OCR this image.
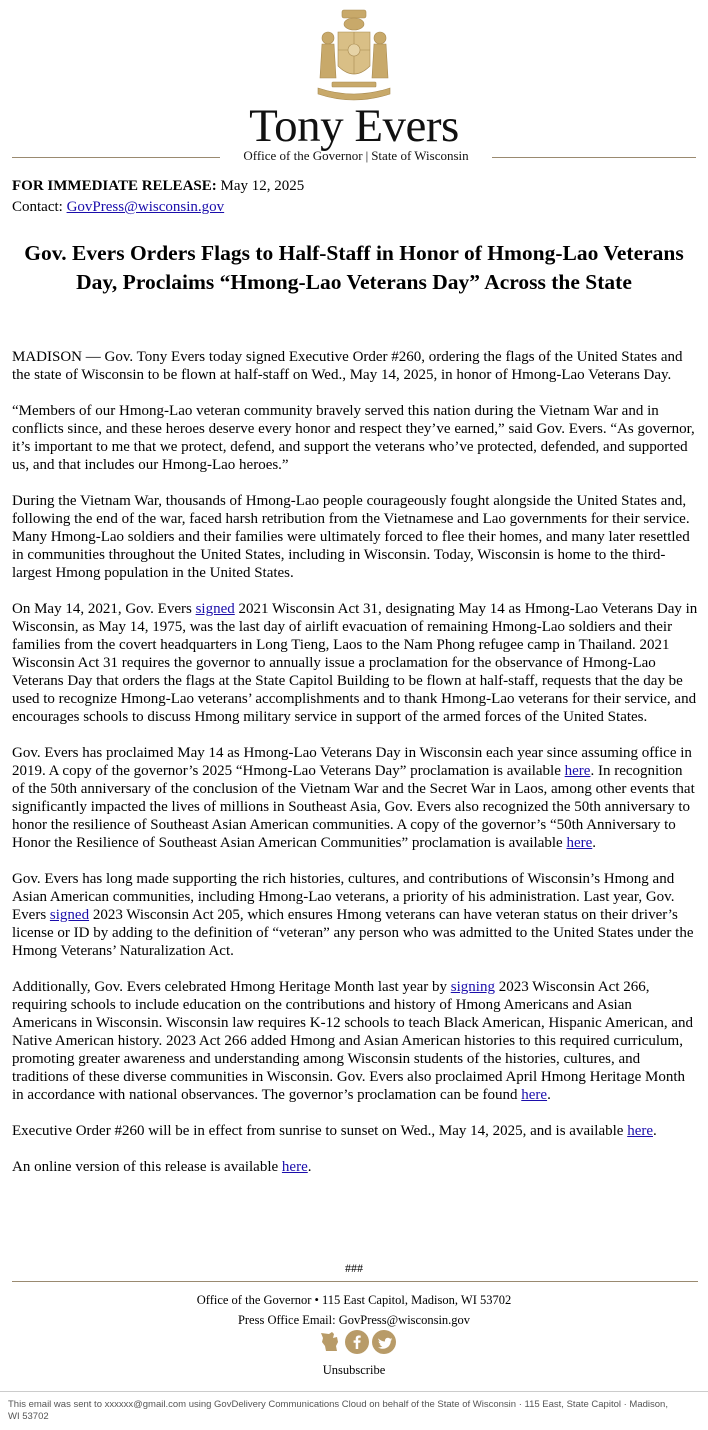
Tony Evers
Office of the Governor | State of Wisconsin
FOR IMMEDIATE RELEASE: May 12, 2025
Contact: GovPress@wisconsin.gov
Gov. Evers Orders Flags to Half-Staff in Honor of Hmong-Lao Veterans Day, Proclaims “Hmong-Lao Veterans Day” Across the State

MADISON — Gov. Tony Evers today signed Executive Order #260, ordering the flags of the United States and the state of Wisconsin to be flown at half-staff on Wed., May 14, 2025, in honor of Hmong-Lao Veterans Day.

“Members of our Hmong-Lao veteran community bravely served this nation during the Vietnam War and in conflicts since, and these heroes deserve every honor and respect they’ve earned,” said Gov. Evers. “As governor, it’s important to me that we protect, defend, and support the veterans who’ve protected, defended, and supported us, and that includes our Hmong-Lao heroes.”

During the Vietnam War, thousands of Hmong-Lao people courageously fought alongside the United States and, following the end of the war, faced harsh retribution from the Vietnamese and Lao governments for their service. Many Hmong-Lao soldiers and their families were ultimately forced to flee their homes, and many later resettled in communities throughout the United States, including in Wisconsin. Today, Wisconsin is home to the third-largest Hmong population in the United States.

On May 14, 2021, Gov. Evers signed 2021 Wisconsin Act 31, designating May 14 as Hmong-Lao Veterans Day in Wisconsin, as May 14, 1975, was the last day of airlift evacuation of remaining Hmong-Lao soldiers and their families from the covert headquarters in Long Tieng, Laos to the Nam Phong refugee camp in Thailand. 2021 Wisconsin Act 31 requires the governor to annually issue a proclamation for the observance of Hmong-Lao Veterans Day that orders the flags at the State Capitol Building to be flown at half-staff, requests that the day be used to recognize Hmong-Lao veterans’ accomplishments and to thank Hmong-Lao veterans for their service, and encourages schools to discuss Hmong military service in support of the armed forces of the United States.

Gov. Evers has proclaimed May 14 as Hmong-Lao Veterans Day in Wisconsin each year since assuming office in 2019. A copy of the governor’s 2025 “Hmong-Lao Veterans Day” proclamation is available here. In recognition of the 50th anniversary of the conclusion of the Vietnam War and the Secret War in Laos, among other events that significantly impacted the lives of millions in Southeast Asia, Gov. Evers also recognized the 50th anniversary to honor the resilience of Southeast Asian American communities. A copy of the governor’s “50th Anniversary to Honor the Resilience of Southeast Asian American Communities” proclamation is available here.

Gov. Evers has long made supporting the rich histories, cultures, and contributions of Wisconsin’s Hmong and Asian American communities, including Hmong-Lao veterans, a priority of his administration. Last year, Gov. Evers signed 2023 Wisconsin Act 205, which ensures Hmong veterans can have veteran status on their driver’s license or ID by adding to the definition of “veteran” any person who was admitted to the United States under the Hmong Veterans’ Naturalization Act.

Additionally, Gov. Evers celebrated Hmong Heritage Month last year by signing 2023 Wisconsin Act 266, requiring schools to include education on the contributions and history of Hmong Americans and Asian Americans in Wisconsin. Wisconsin law requires K-12 schools to teach Black American, Hispanic American, and Native American history. 2023 Act 266 added Hmong and Asian American histories to this required curriculum, promoting greater awareness and understanding among Wisconsin students of the histories, cultures, and traditions of these diverse communities in Wisconsin. Gov. Evers also proclaimed April Hmong Heritage Month in accordance with national observances. The governor’s proclamation can be found here.

Executive Order #260 will be in effect from sunrise to sunset on Wed., May 14, 2025, and is available here.

An online version of this release is available here.

###
Office of the Governor • 115 East Capitol, Madison, WI 53702
Press Office Email: GovPress@wisconsin.gov
Unsubscribe
This email was sent to xxxxxx@gmail.com using GovDelivery Communications Cloud on behalf of the State of Wisconsin · 115 East, State Capitol · Madison, WI 53702
